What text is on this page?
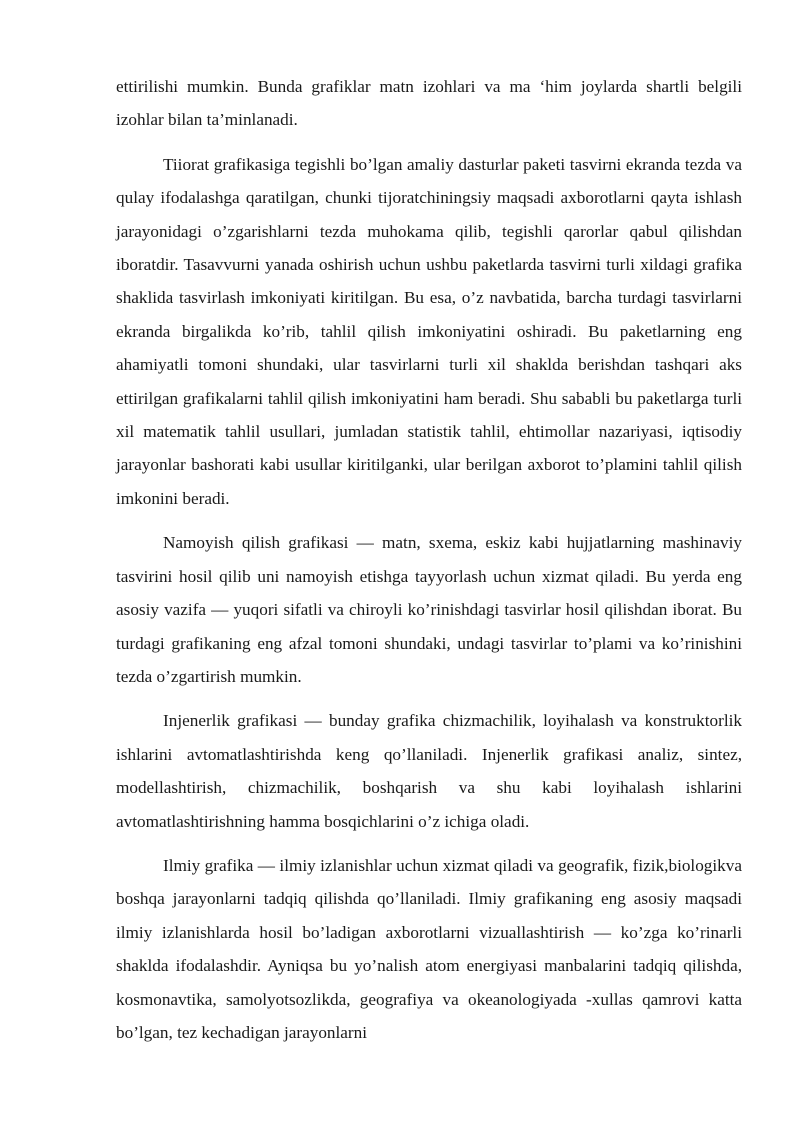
ettirilishi mumkin. Bunda grafiklar matn izohlari va ma ‘him joylarda shartli belgili izohlar bilan ta’minlanadi.

Tiiorat grafikasiga tegishli bo’lgan amaliy dasturlar paketi tasvirni ekranda tezda va qulay ifodalashga qaratilgan, chunki tijoratchiningsiy maqsadi axborotlarni qayta ishlash jarayonidagi o’zgarishlarni tezda muhokama qilib, tegishli qarorlar qabul qilishdan iboratdir. Tasavvurni yanada oshirish uchun ushbu paketlarda tasvirni turli xildagi grafika shaklida tasvirlash imkoniyati kiritilgan. Bu esa, o’z navbatida, barcha turdagi tasvirlarni ekranda birgalikda ko’rib, tahlil qilish imkoniyatini oshiradi. Bu paketlarning eng ahamiyatli tomoni shundaki, ular tasvirlarni turli xil shaklda berishdan tashqari aks ettirilgan grafikalarni tahlil qilish imkoniyatini ham beradi. Shu sababli bu paketlarga turli xil matematik tahlil usullari, jumladan statistik tahlil, ehtimollar nazariyasi, iqtisodiy jarayonlar bashorati kabi usullar kiritilganki, ular berilgan axborot to’plamini tahlil qilish imkonini beradi.

Namoyish qilish grafikasi — matn, sxema, eskiz kabi hujjatlarning mashinaviy tasvirini hosil qilib uni namoyish etishga tayyorlash uchun xizmat qiladi. Bu yerda eng asosiy vazifa — yuqori sifatli va chiroyli ko’rinishdagi tasvirlar hosil qilishdan iborat. Bu turdagi grafikaning eng afzal tomoni shundaki, undagi tasvirlar to’plami va ko’rinishini tezda o’zgartirish mumkin.

Injenerlik grafikasi — bunday grafika chizmachilik, loyihalash va konstruktorlik ishlarini avtomatlashtirishda keng qo’llaniladi. Injenerlik grafikasi analiz, sintez, modellashtirish, chizmachilik, boshqarish va shu kabi loyihalash ishlarini avtomatlashtirishning hamma bosqichlarini o’z ichiga oladi.

Ilmiy grafika — ilmiy izlanishlar uchun xizmat qiladi va geografik, fizik,biologikva boshqa jarayonlarni tadqiq qilishda qo’llaniladi. Ilmiy grafikaning eng asosiy maqsadi ilmiy izlanishlarda hosil bo’ladigan axborotlarni vizuallashtirish — ko’zga ko’rinarli shaklda ifodalashdir. Ayniqsa bu yo’nalish atom energiyasi manbalarini tadqiq qilishda, kosmonavtika, samolyotsozlikda, geografiya va okeanologiyada -xullas qamrovi katta bo’lgan, tez kechadigan jarayonlarni
